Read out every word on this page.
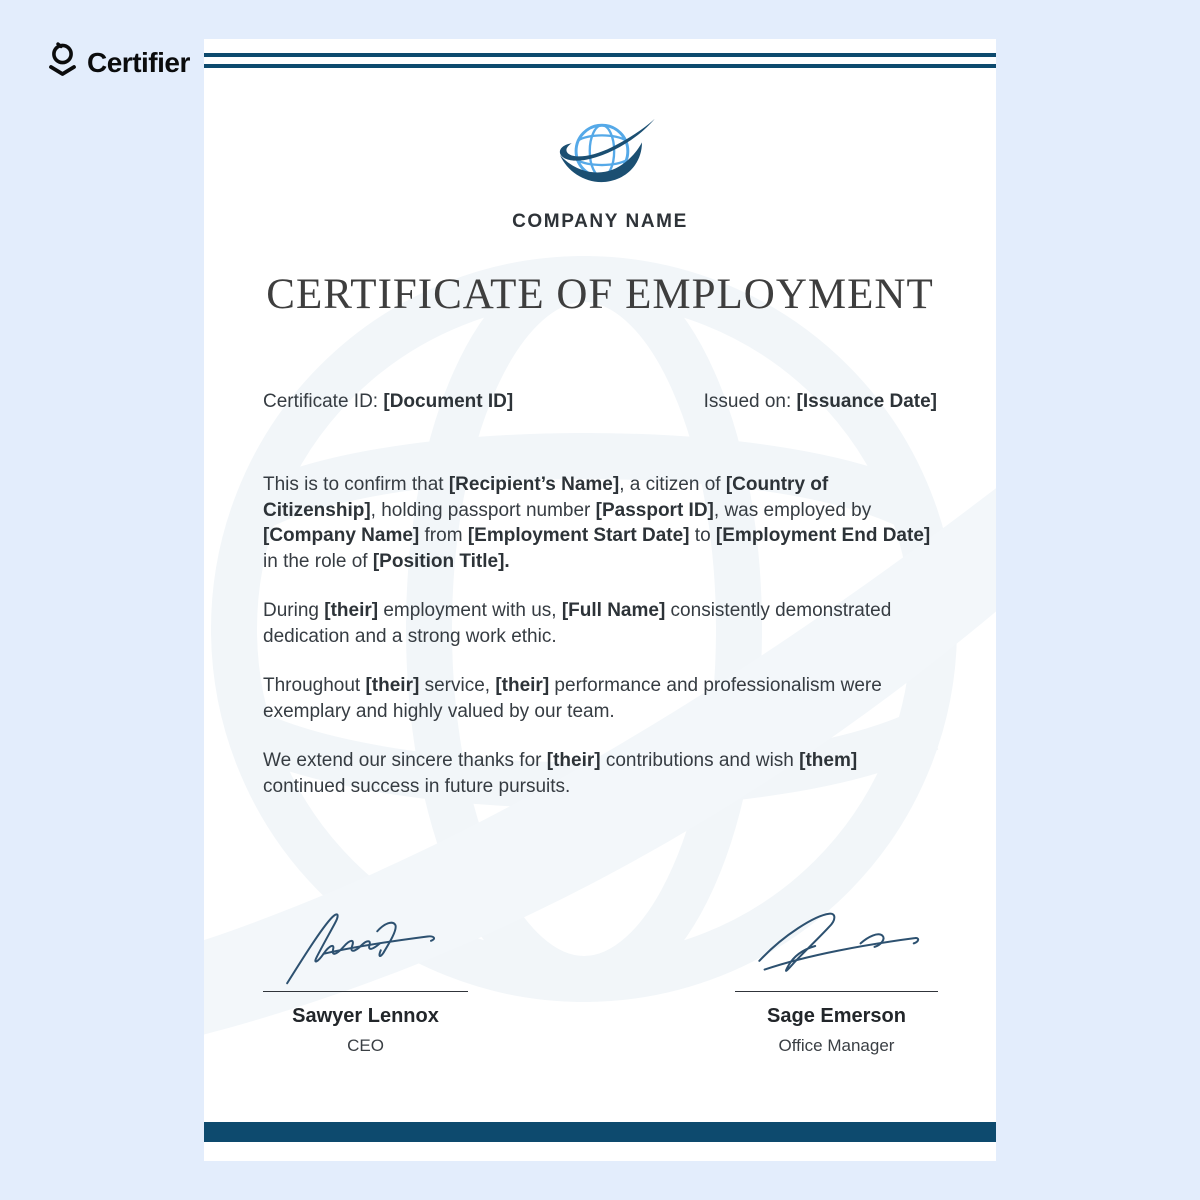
Certifier
COMPANY NAME
CERTIFICATE OF EMPLOYMENT
Certificate ID: [Document ID]	Issued on: [Issuance Date]

This is to confirm that [Recipient’s Name], a citizen of [Country of Citizenship], holding passport number [Passport ID], was employed by [Company Name] from [Employment Start Date] to [Employment End Date] in the role of [Position Title].

During [their] employment with us, [Full Name] consistently demonstrated dedication and a strong work ethic.

Throughout [their] service, [their] performance and professionalism were exemplary and highly valued by our team.

We extend our sincere thanks for [their] contributions and wish [them] continued success in future pursuits.

Sawyer Lennox
CEO
Sage Emerson
Office Manager
